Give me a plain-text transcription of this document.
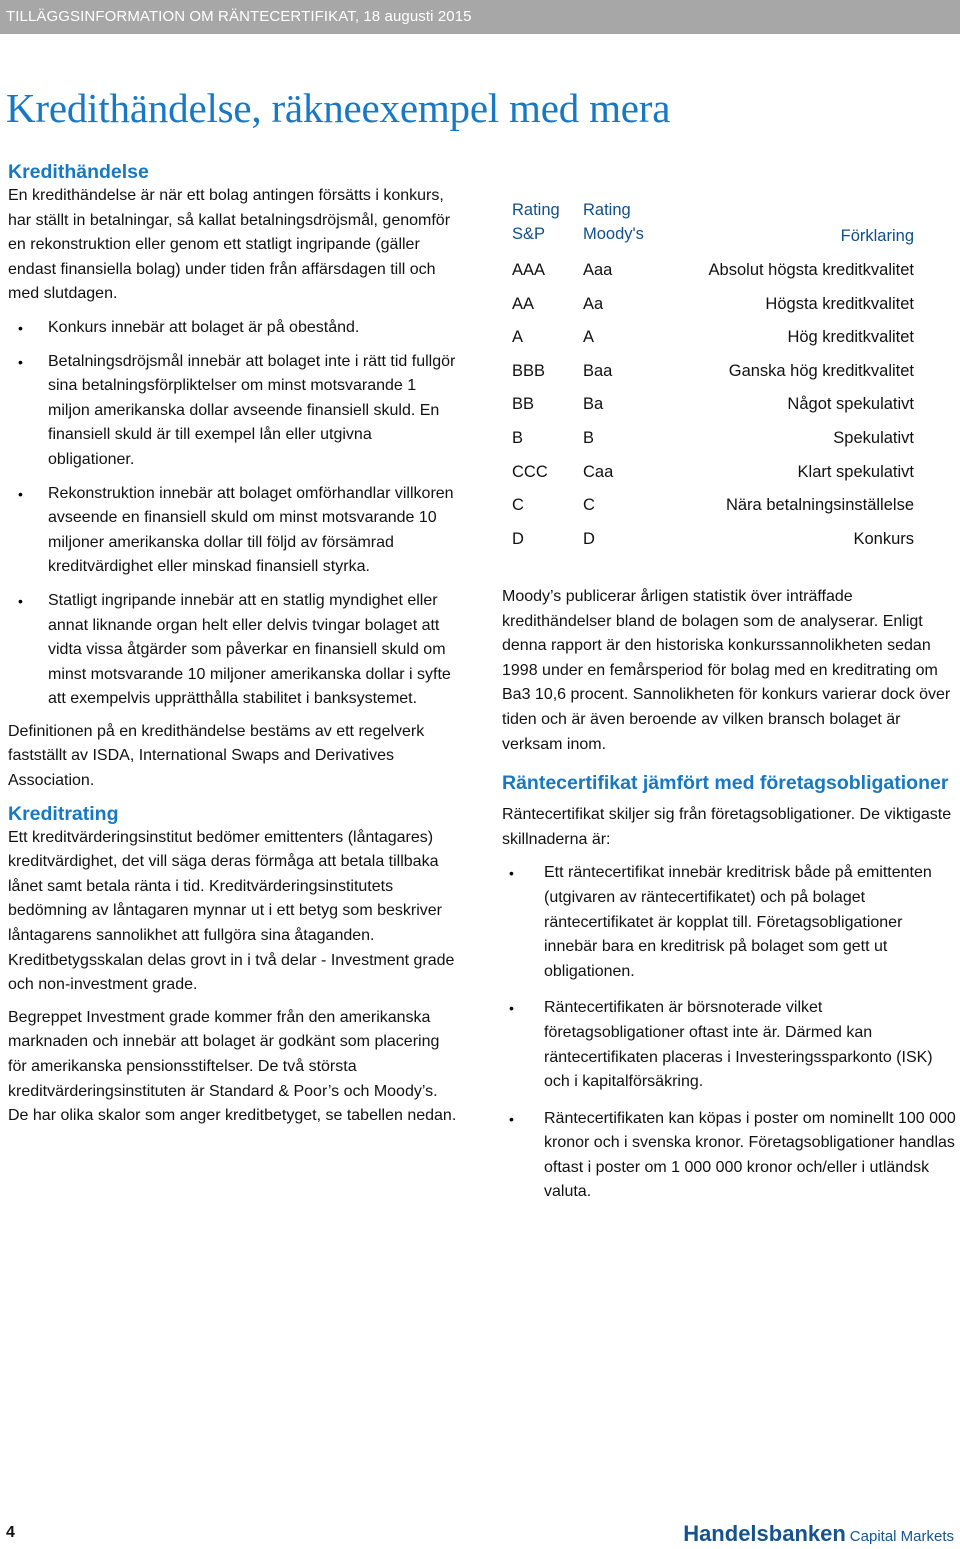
TILLÄGGSINFORMATION OM RÄNTECERTIFIKAT, 18 augusti 2015
Kredithändelse, räkneexempel med mera
Kredithändelse

En kredithändelse är när ett bolag antingen försätts i konkurs, har ställt in betalningar, så kallat betalningsdröjsmål, genomför en rekonstruktion eller genom ett statligt ingripande (gäller endast finansiella bolag) under tiden från affärsdagen till och med slutdagen.

• Konkurs innebär att bolaget är på obestånd.
• Betalningsdröjsmål innebär att bolaget inte i rätt tid fullgör sina betalningsförpliktelser om minst motsvarande 1 miljon amerikanska dollar avseende finansiell skuld. En finansiell skuld är till exempel lån eller utgivna obligationer.
• Rekonstruktion innebär att bolaget omförhandlar villkoren avseende en finansiell skuld om minst motsvarande 10 miljoner amerikanska dollar till följd av försämrad kreditvärdighet eller minskad finansiell styrka.
• Statligt ingripande innebär att en statlig myndighet eller annat liknande organ helt eller delvis tvingar bolaget att vidta vissa åtgärder som påverkar en finansiell skuld om minst motsvarande 10 miljoner amerikanska dollar i syfte att exempelvis upprätthålla stabilitet i banksystemet.

Definitionen på en kredithändelse bestäms av ett regelverk fastställt av ISDA, International Swaps and Derivatives Association.

Kreditrating

Ett kreditvärderingsinstitut bedömer emittenters (låntagares) kreditvärdighet, det vill säga deras förmåga att betala tillbaka lånet samt betala ränta i tid. Kreditvärderingsinstitutets bedömning av låntagaren mynnar ut i ett betyg som beskriver låntagarens sannolikhet att fullgöra sina åtaganden. Kreditbetygsskalan delas grovt in i två delar - Investment grade och non-investment grade.

Begreppet Investment grade kommer från den amerikanska marknaden och innebär att bolaget är godkänt som placering för amerikanska pensionsstiftelser. De två största kreditvärderingsinstituten är Standard & Poor’s och Moody’s. De har olika skalor som anger kreditbetyget, se tabellen nedan.

Rating
S&P
Rating
Moody's	Förklaring
AAA Aaa	Absolut högsta kreditkvalitet
AA	Aa	Högsta kreditkvalitet
A	A	Hög kreditkvalitet
BBB Baa	Ganska hög kreditkvalitet
BB	Ba	Något spekulativt
B	B	Spekulativt
CCC Caa	Klart spekulativt
C	C	Nära betalningsinställelse
D	D	Konkurs

Moody’s publicerar årligen statistik över inträffade kredithändelser bland de bolagen som de analyserar. Enligt denna rapport är den historiska konkurssannolikheten sedan 1998 under en femårsperiod för bolag med en kreditrating om Ba3 10,6 procent. Sannolikheten för konkurs varierar dock över tiden och är även beroende av vilken bransch bolaget är verksam inom.

Räntecertifikat jämfört med företagsobligationer

Räntecertifikat skiljer sig från företagsobligationer. De viktigaste skillnaderna är:

• Ett räntecertifikat innebär kreditrisk både på emittenten (utgivaren av räntecertifikatet) och på bolaget räntecertifikatet är kopplat till. Företagsobligationer innebär bara en kreditrisk på bolaget som gett ut obligationen.
• Räntecertifikaten är börsnoterade vilket företagsobligationer oftast inte är. Därmed kan räntecertifikaten placeras i Investeringssparkonto (ISK) och i kapitalförsäkring.
• Räntecertifikaten kan köpas i poster om nominellt 100 000 kronor och i svenska kronor. Företagsobligationer handlas oftast i poster om 1 000 000 kronor och/eller i utländsk valuta.
4	Handelsbanken Capital Markets
